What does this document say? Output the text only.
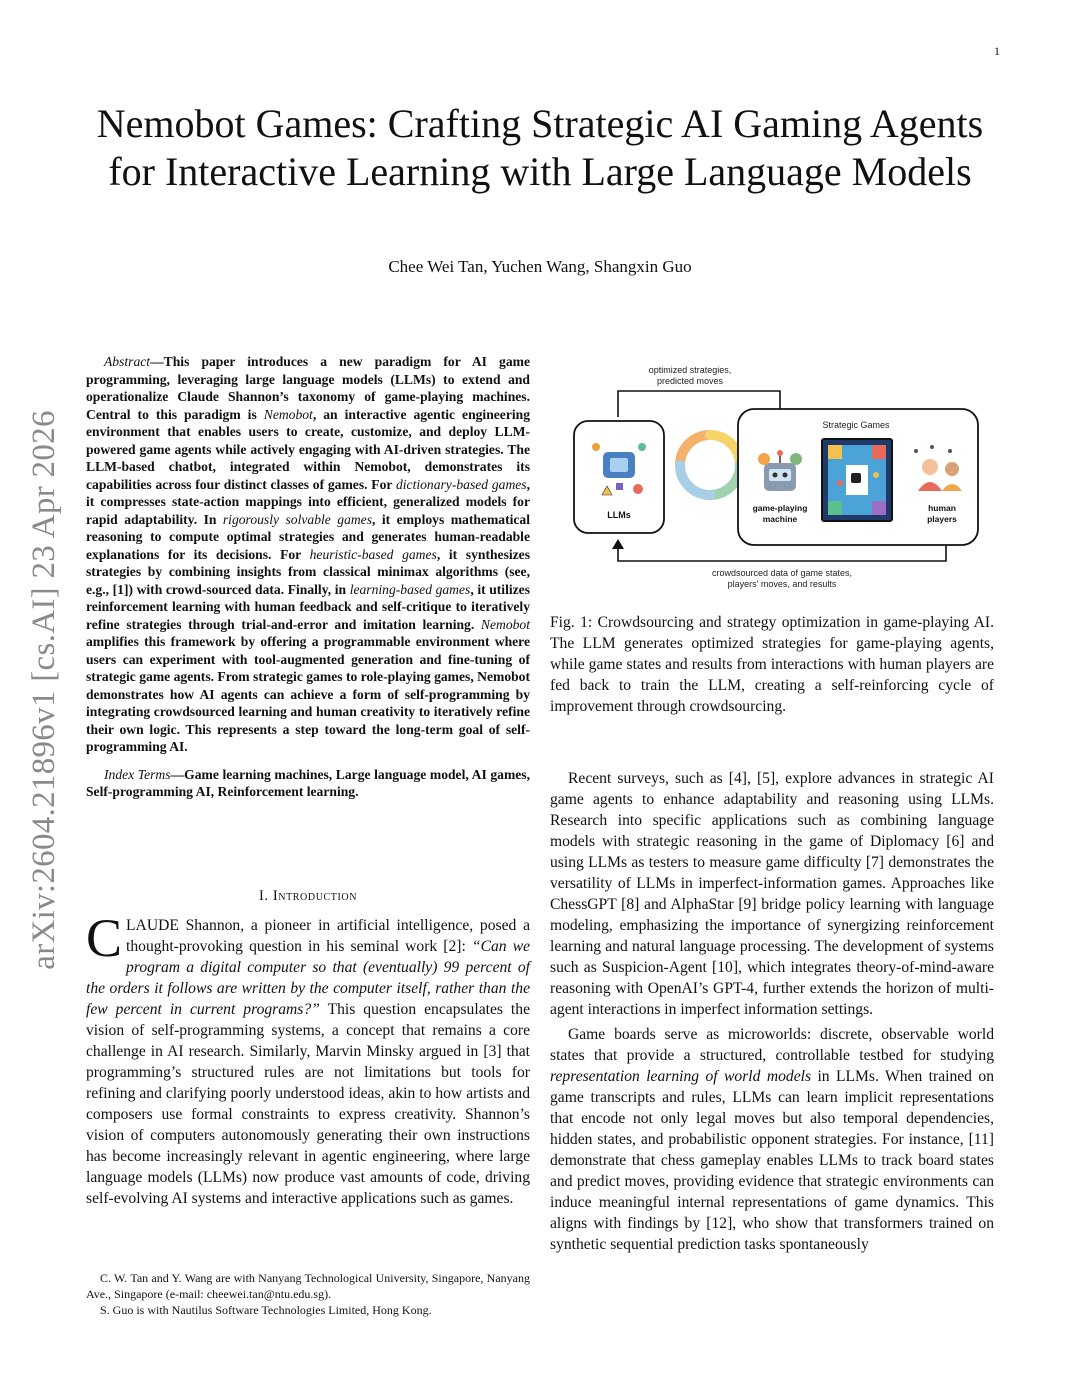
1
arXiv:2604.21896v1 [cs.AI] 23 Apr 2026
Nemobot Games: Crafting Strategic AI Gaming Agents for Interactive Learning with Large Language Models
Chee Wei Tan, Yuchen Wang, Shangxin Guo

Abstract—This paper introduces a new paradigm for AI game programming, leveraging large language models (LLMs) to extend and operationalize Claude Shannon’s taxonomy of game-playing machines. Central to this paradigm is Nemobot, an interactive agentic engineering environment that enables users to create, customize, and deploy LLM-powered game agents while actively engaging with AI-driven strategies. The LLM-based chatbot, integrated within Nemobot, demonstrates its capabilities across four distinct classes of games. For dictionary-based games, it compresses state-action mappings into efficient, generalized models for rapid adaptability. In rigorously solvable games, it employs mathematical reasoning to compute optimal strategies and generates human-readable explanations for its decisions. For heuristic-based games, it synthesizes strategies by combining insights from classical minimax algorithms (see, e.g., [1]) with crowd-sourced data. Finally, in learning-based games, it utilizes reinforcement learning with human feedback and self-critique to iteratively refine strategies through trial-and-error and imitation learning. Nemobot amplifies this framework by offering a programmable environment where users can experiment with tool-augmented generation and fine-tuning of strategic game agents. From strategic games to role-playing games, Nemobot demonstrates how AI agents can achieve a form of self-programming by integrating crowdsourced learning and human creativity to iteratively refine their own logic. This represents a step toward the long-term goal of self-programming AI.

Index Terms—Game learning machines, Large language model, AI games, Self-programming AI, Reinforcement learning.

I. Introduction

CLAUDE Shannon, a pioneer in artificial intelligence, posed a thought-provoking question in his seminal work [2]: “Can we program a digital computer so that (eventually) 99 percent of the orders it follows are written by the computer itself, rather than the few percent in current programs?” This question encapsulates the vision of self-programming systems, a concept that remains a core challenge in AI research. Similarly, Marvin Minsky argued in [3] that programming’s structured rules are not limitations but tools for refining and clarifying poorly understood ideas, akin to how artists and composers use formal constraints to express creativity. Shannon’s vision of computers autonomously generating their own instructions has become increasingly relevant in agentic engineering, where large language models (LLMs) now produce vast amounts of code, driving self-evolving AI systems and interactive applications such as games.

C. W. Tan and Y. Wang are with Nanyang Technological University, Singapore, Nanyang Ave., Singapore (e-mail: cheewei.tan@ntu.edu.sg).

S. Guo is with Nautilus Software Technologies Limited, Hong Kong.

optimized strategies,
predicted moves
LLMs
Strategic Games
game-playing
machine
human
players
crowdsourced data of game states,
players' moves, and results

Fig. 1: Crowdsourcing and strategy optimization in game-playing AI. The LLM generates optimized strategies for game-playing agents, while game states and results from interactions with human players are fed back to train the LLM, creating a self-reinforcing cycle of improvement through crowdsourcing.

Recent surveys, such as [4], [5], explore advances in strategic AI game agents to enhance adaptability and reasoning using LLMs. Research into specific applications such as combining language models with strategic reasoning in the game of Diplomacy [6] and using LLMs as testers to measure game difficulty [7] demonstrates the versatility of LLMs in imperfect-information games. Approaches like ChessGPT [8] and AlphaStar [9] bridge policy learning with language modeling, emphasizing the importance of synergizing reinforcement learning and natural language processing. The development of systems such as Suspicion-Agent [10], which integrates theory-of-mind-aware reasoning with OpenAI’s GPT-4, further extends the horizon of multi-agent interactions in imperfect information settings.

Game boards serve as microworlds: discrete, observable world states that provide a structured, controllable testbed for studying representation learning of world models in LLMs. When trained on game transcripts and rules, LLMs can learn implicit representations that encode not only legal moves but also temporal dependencies, hidden states, and probabilistic opponent strategies. For instance, [11] demonstrate that chess gameplay enables LLMs to track board states and predict moves, providing evidence that strategic environments can induce meaningful internal representations of game dynamics. This aligns with findings by [12], who show that transformers trained on synthetic sequential prediction tasks spontaneously
